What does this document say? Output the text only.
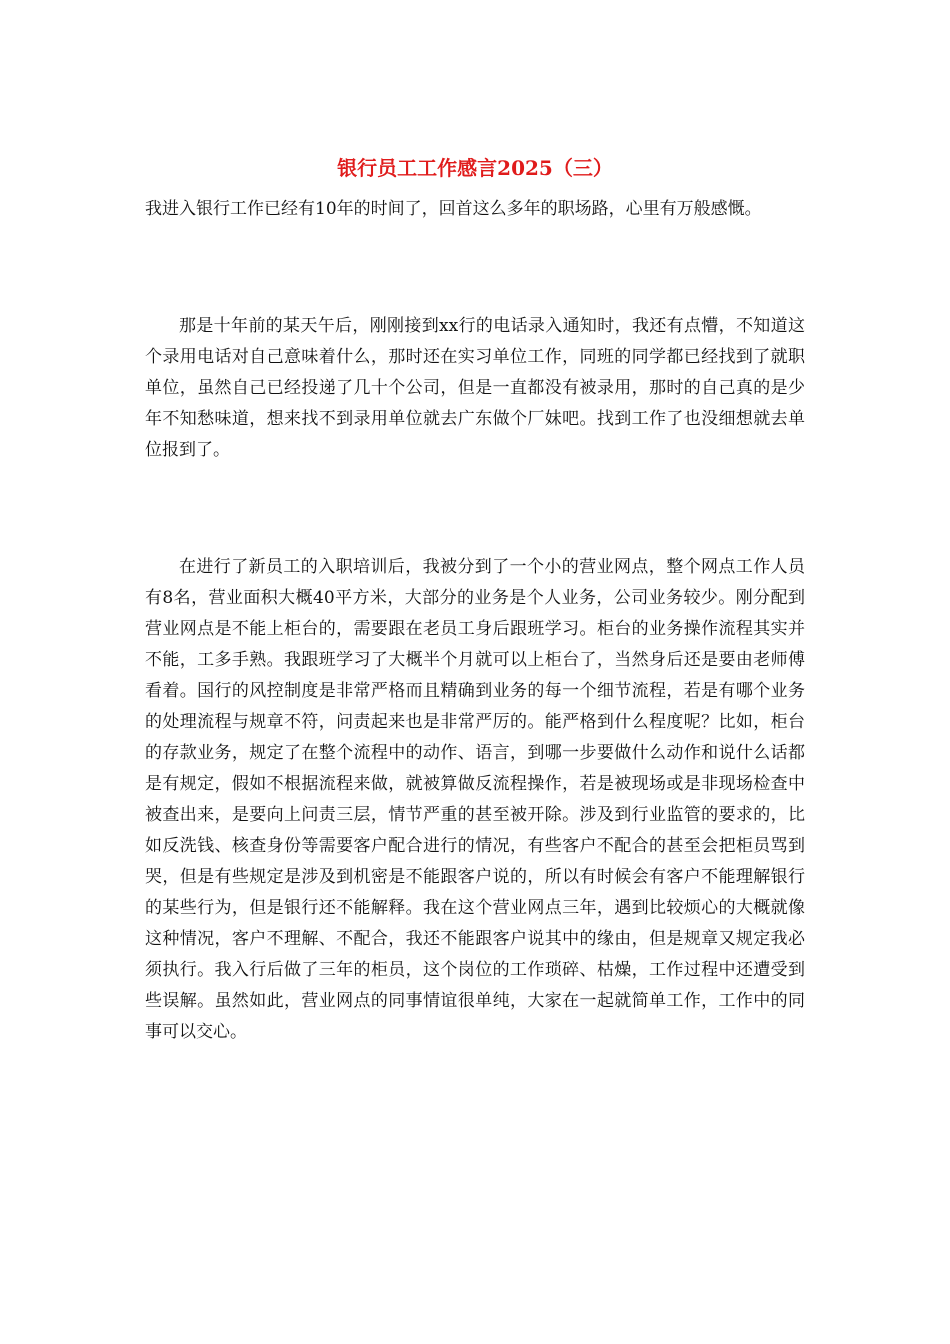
银行员工工作感言2025（三）

我进入银行工作已经有10年的时间了，回首这么多年的职场路，心里有万般感慨。

那是十年前的某天午后，刚刚接到xx行的电话录入通知时，我还有点懵，不知道这个录用电话对自己意味着什么，那时还在实习单位工作，同班的同学都已经找到了就职单位，虽然自己已经投递了几十个公司，但是一直都没有被录用，那时的自己真的是少年不知愁味道，想来找不到录用单位就去广东做个厂妹吧。找到工作了也没细想就去单位报到了。

在进行了新员工的入职培训后，我被分到了一个小的营业网点，整个网点工作人员有8名，营业面积大概40平方米，大部分的业务是个人业务，公司业务较少。刚分配到营业网点是不能上柜台的，需要跟在老员工身后跟班学习。柜台的业务操作流程其实并不能，工多手熟。我跟班学习了大概半个月就可以上柜台了，当然身后还是要由老师傅看着。国行的风控制度是非常严格而且精确到业务的每一个细节流程，若是有哪个业务的处理流程与规章不符，问责起来也是非常严厉的。能严格到什么程度呢？比如，柜台的存款业务，规定了在整个流程中的动作、语言，到哪一步要做什么动作和说什么话都是有规定，假如不根据流程来做，就被算做反流程操作，若是被现场或是非现场检查中被查出来，是要向上问责三层，情节严重的甚至被开除。涉及到行业监管的要求的，比如反洗钱、核查身份等需要客户配合进行的情况，有些客户不配合的甚至会把柜员骂到哭，但是有些规定是涉及到机密是不能跟客户说的，所以有时候会有客户不能理解银行的某些行为，但是银行还不能解释。我在这个营业网点三年，遇到比较烦心的大概就像这种情况，客户不理解、不配合，我还不能跟客户说其中的缘由，但是规章又规定我必须执行。我入行后做了三年的柜员，这个岗位的工作琐碎、枯燥，工作过程中还遭受到些误解。虽然如此，营业网点的同事情谊很单纯，大家在一起就简单工作，工作中的同事可以交心。
